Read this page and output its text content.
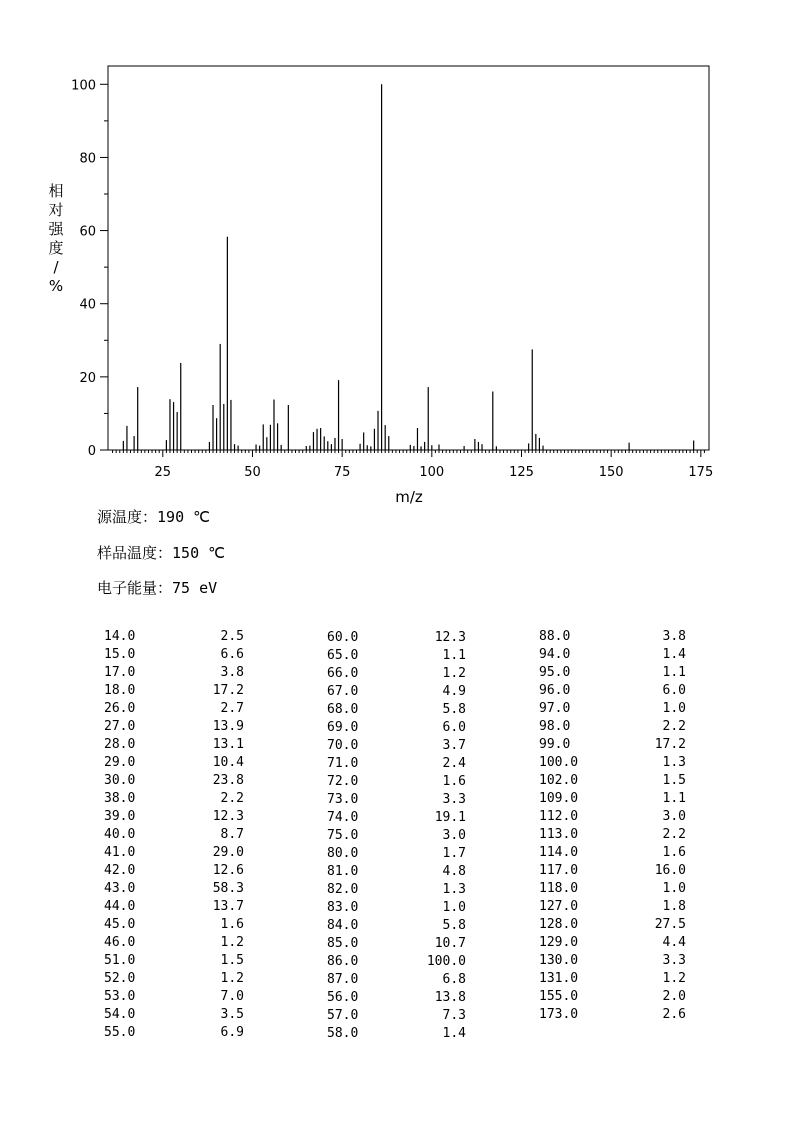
0
20
40
60
80
100
25	50	75	100	125	150	175
m/z
相
对
强
度
/
%
源温度：190 ℃
样品温度：150 ℃
电子能量：75 eV
14.0	2.5
15.0	6.6
17.0	3.8
18.0	17.2
26.0	2.7
27.0	13.9
28.0	13.1
29.0	10.4
30.0	23.8
38.0	2.2
39.0	12.3
40.0	8.7
41.0	29.0
42.0	12.6
43.0	58.3
44.0	13.7
45.0	1.6
46.0	1.2
51.0	1.5
52.0	1.2
53.0	7.0
54.0	3.5
55.0	6.9
60.0	12.3
65.0	1.1
66.0	1.2
67.0	4.9
68.0	5.8
69.0	6.0
70.0	3.7
71.0	2.4
72.0	1.6
73.0	3.3
74.0	19.1
75.0	3.0
80.0	1.7
81.0	4.8
82.0	1.3
83.0	1.0
84.0	5.8
85.0	10.7
86.0	100.0
87.0	6.8
56.0	13.8
57.0	7.3
58.0	1.4
88.0	3.8
94.0	1.4
95.0	1.1
96.0	6.0
97.0	1.0
98.0	2.2
99.0	17.2
100.0	1.3
102.0	1.5
109.0	1.1
112.0	3.0
113.0	2.2
114.0	1.6
117.0	16.0
118.0	1.0
127.0	1.8
128.0	27.5
129.0	4.4
130.0	3.3
131.0	1.2
155.0	2.0
173.0	2.6
